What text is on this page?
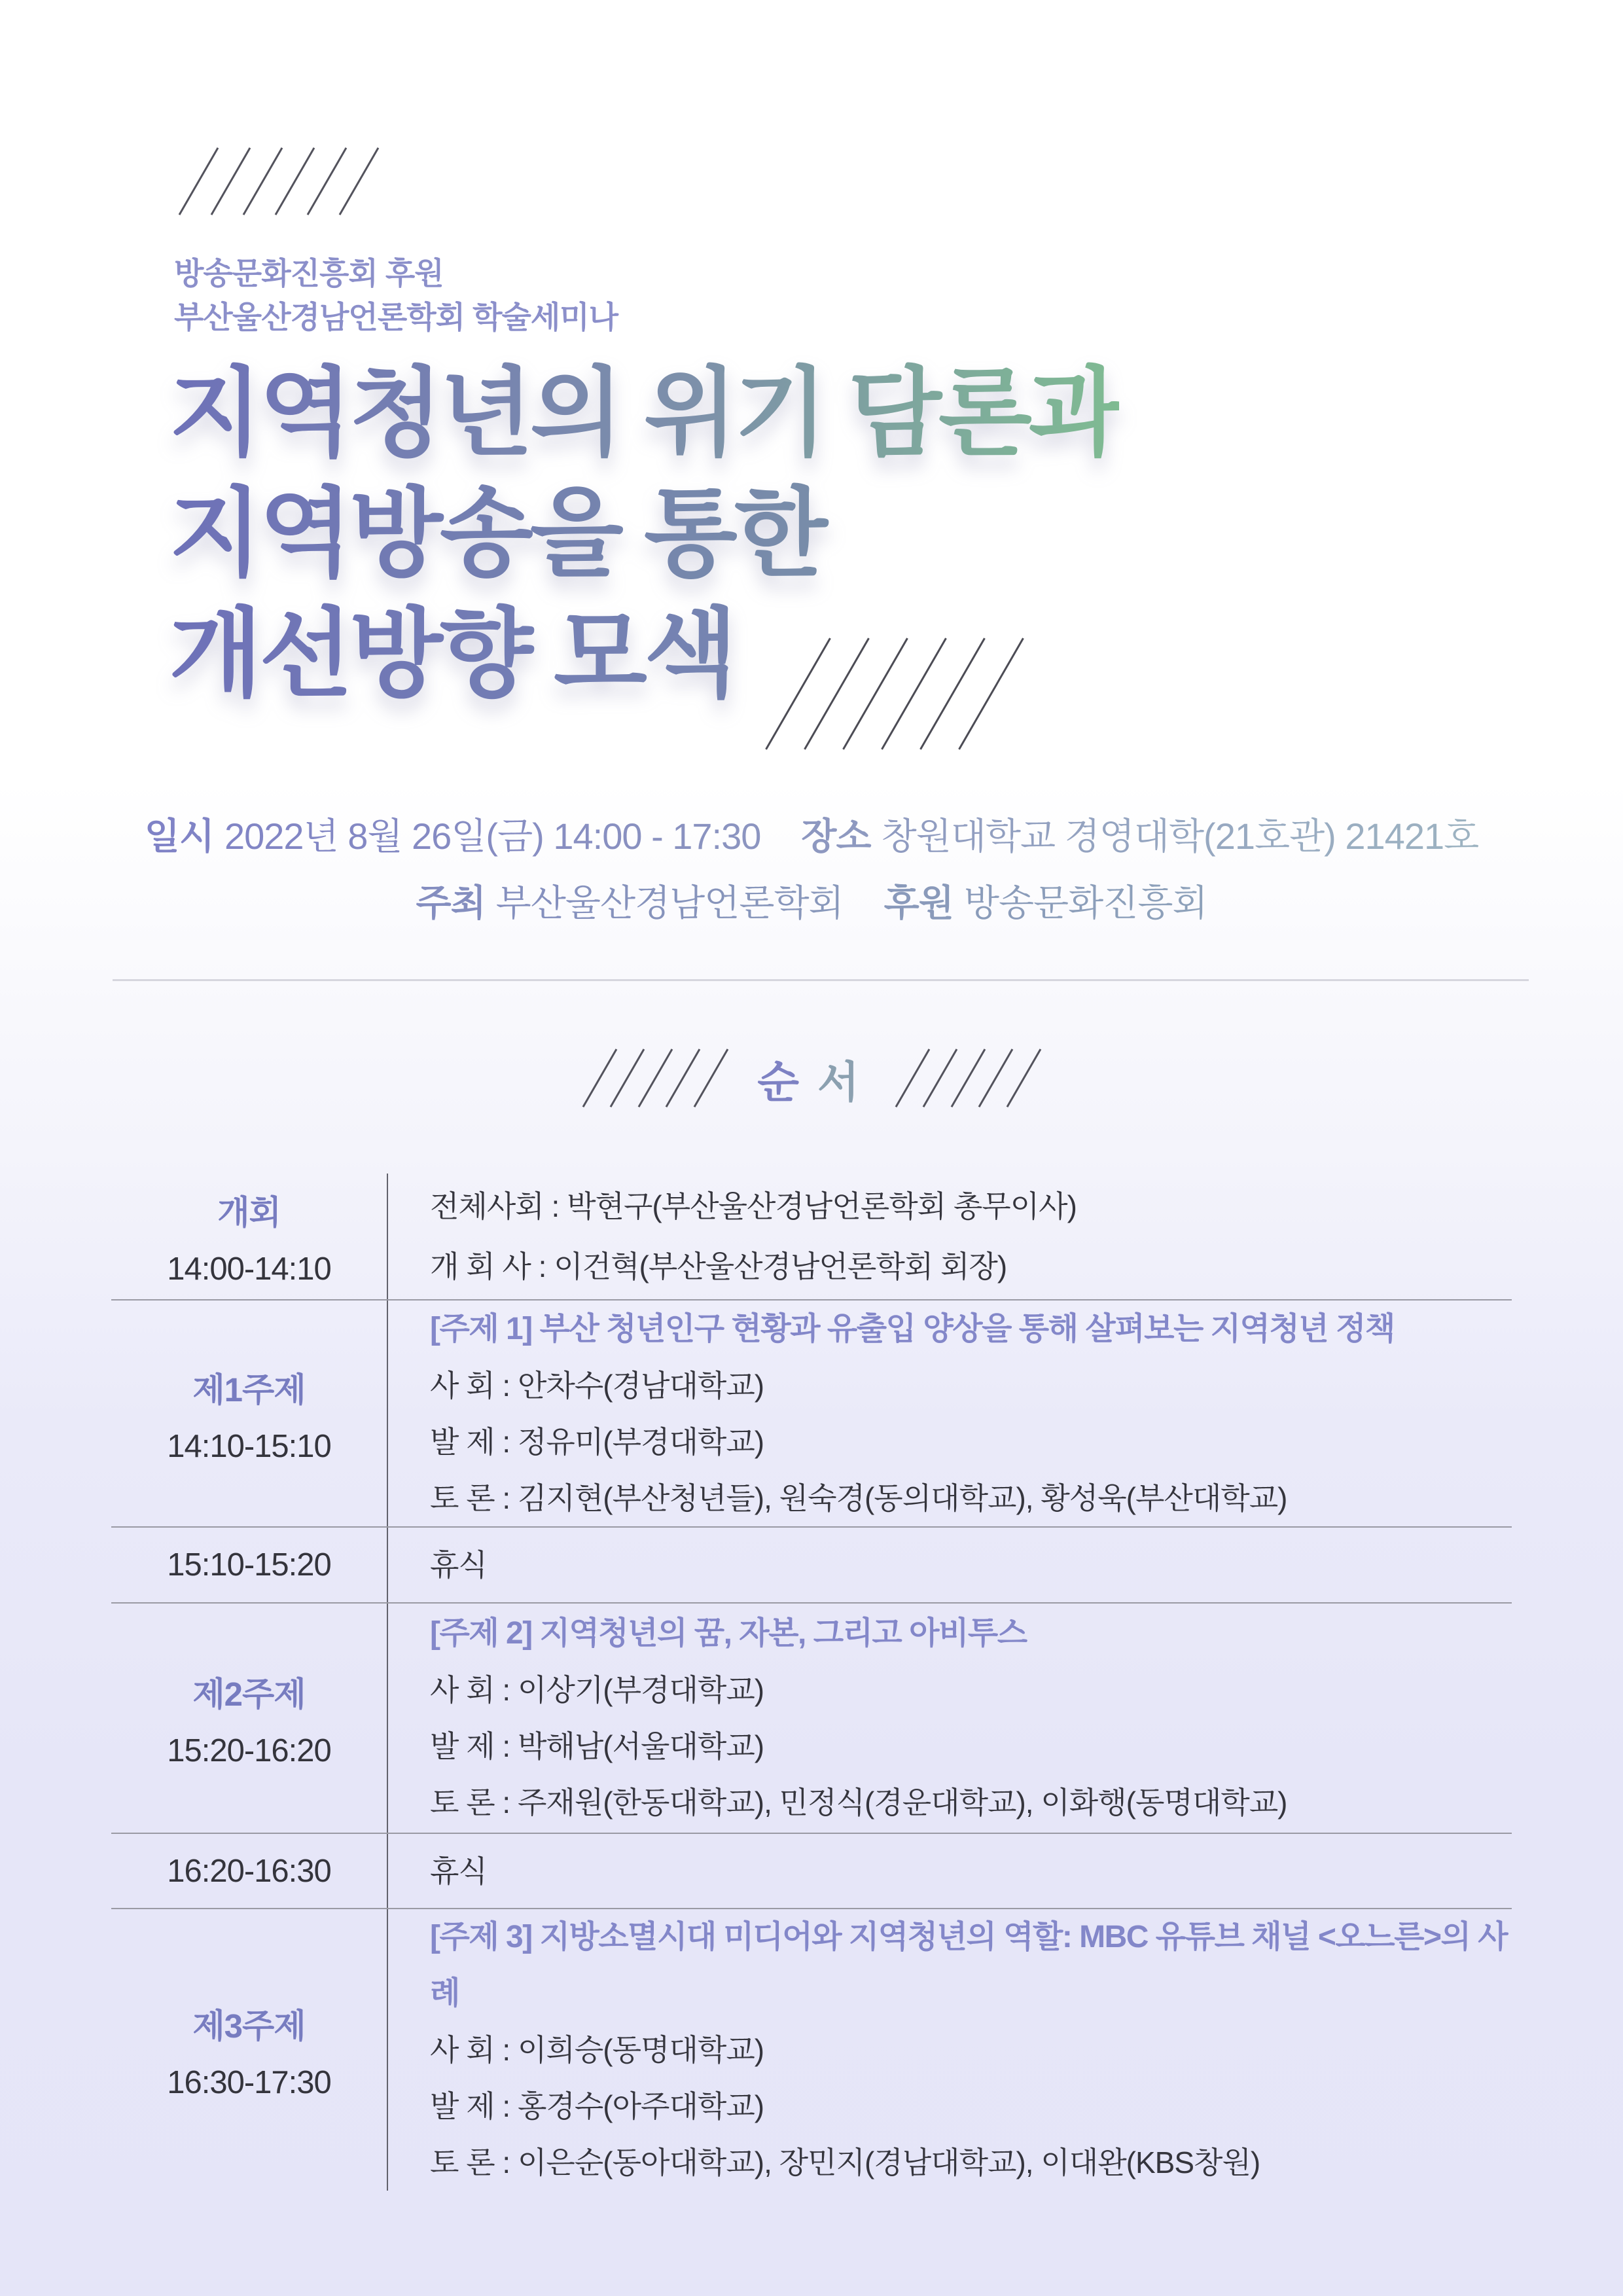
방송문화진흥회 후원
부산울산경남언론학회 학술세미나
지역청년의 위기 담론과
지역방송을 통한
개선방향 모색
일시 2022년 8월 26일(금) 14:00 - 17:30 장소 창원대학교 경영대학(21호관) 21421호
주최 부산울산경남언론학회 후원 방송문화진흥회
순 서
개회
14:00-14:10
전체사회 : 박현구(부산울산경남언론학회 총무이사)
개 회 사 : 이건혁(부산울산경남언론학회 회장)
제1주제
14:10-15:10
[주제 1] 부산 청년인구 현황과 유출입 양상을 통해 살펴보는 지역청년 정책
사 회 : 안차수(경남대학교)
발 제 : 정유미(부경대학교)
토 론 : 김지현(부산청년들), 원숙경(동의대학교), 황성욱(부산대학교)
15:10-15:20	휴식
제2주제
15:20-16:20
[주제 2] 지역청년의 꿈, 자본, 그리고 아비투스
사 회 : 이상기(부경대학교)
발 제 : 박해남(서울대학교)
토 론 : 주재원(한동대학교), 민정식(경운대학교), 이화행(동명대학교)
16:20-16:30	휴식
제3주제
16:30-17:30
[주제 3] 지방소멸시대 미디어와 지역청년의 역할: MBC 유튜브 채널 <오느른>의 사례
사 회 : 이희승(동명대학교)
발 제 : 홍경수(아주대학교)
토 론 : 이은순(동아대학교), 장민지(경남대학교), 이대완(KBS창원)
